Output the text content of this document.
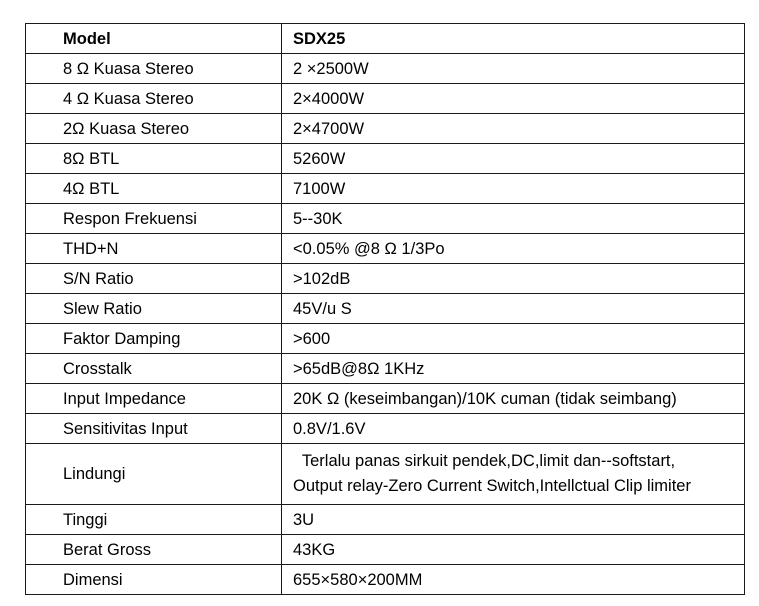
Model	SDX25
8 Ω Kuasa Stereo	2 ×2500W
4 Ω Kuasa Stereo	2×4000W
2Ω Kuasa Stereo	2×4700W
8Ω BTL	5260W
4Ω BTL	7100W
Respon Frekuensi	5--30K
THD+N	<0.05% @8 Ω 1/3Po
S/N Ratio	>102dB
Slew Ratio	45V/u S
Faktor Damping	>600
Crosstalk	>65dB@8Ω 1KHz
Input Impedance	20K Ω (keseimbangan)/10K cuman (tidak seimbang)
Sensitivitas Input	0.8V/1.6V
Lindungi	Terlalu panas sirkuit pendek,DC,limit dan--softstart,
Output relay-Zero Current Switch,Intellctual Clip limiter

Tinggi	3U
Berat Gross	43KG
Dimensi	655×580×200MM
